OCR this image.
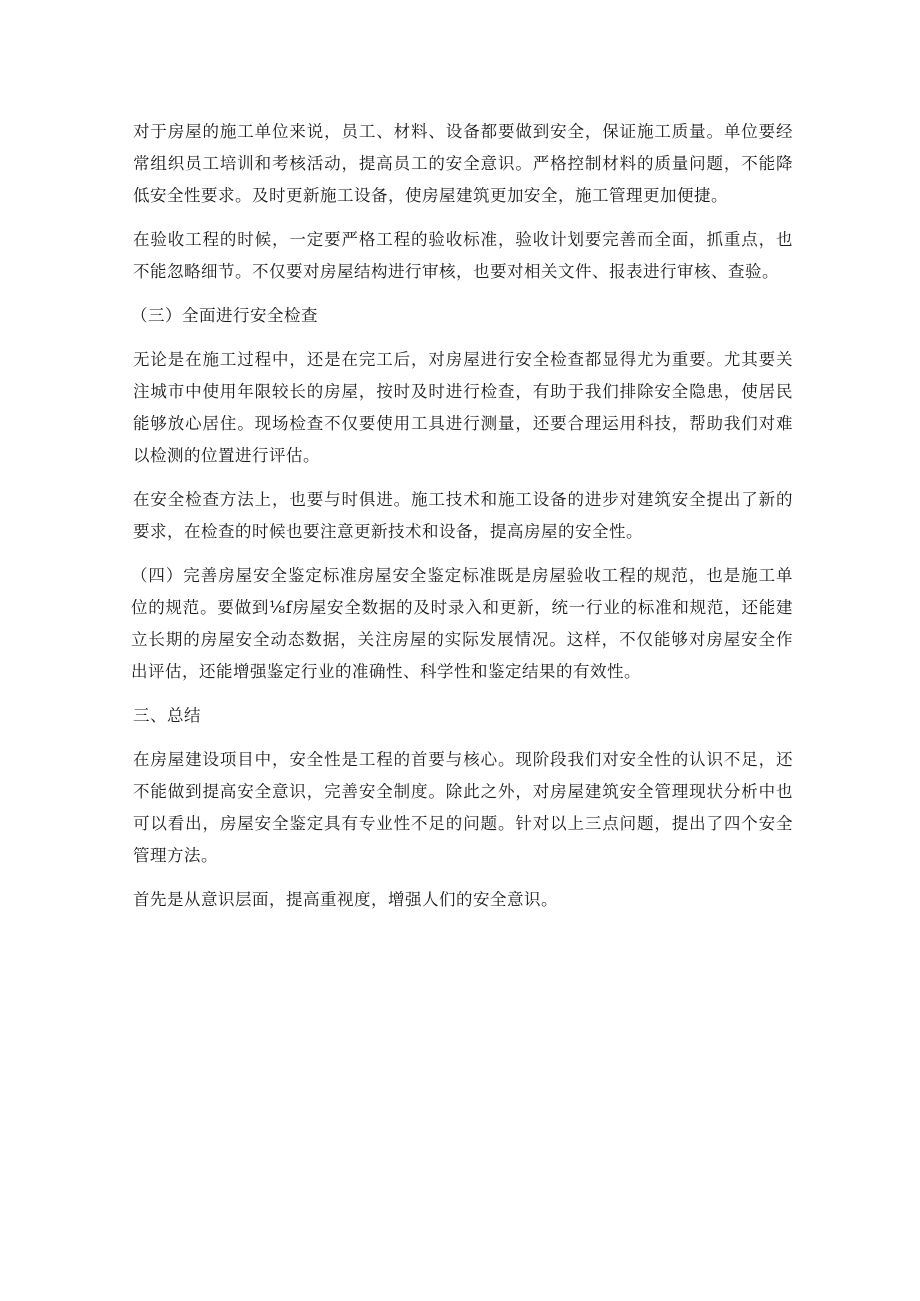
对于房屋的施工单位来说，员工、材料、设备都要做到安全，保证施工质量。单位要经常组织员工培训和考核活动，提高员工的安全意识。严格控制材料的质量问题，不能降低安全性要求。及时更新施工设备，使房屋建筑更加安全，施工管理更加便捷。

在验收工程的时候，一定要严格工程的验收标准，验收计划要完善而全面，抓重点，也不能忽略细节。不仅要对房屋结构进行审核，也要对相关文件、报表进行审核、查验。

（三）全面进行安全检查

无论是在施工过程中，还是在完工后，对房屋进行安全检查都显得尤为重要。尤其要关注城市中使用年限较长的房屋，按时及时进行检查，有助于我们排除安全隐患，使居民能够放心居住。现场检查不仅要使用工具进行测量，还要合理运用科技，帮助我们对难以检测的位置进行评估。

在安全检查方法上，也要与时俱进。施工技术和施工设备的进步对建筑安全提出了新的要求，在检查的时候也要注意更新技术和设备，提高房屋的安全性。

（四）完善房屋安全鉴定标准房屋安全鉴定标准既是房屋验收工程的规范，也是施工单位的规范。要做到⅛f房屋安全数据的及时录入和更新，统一行业的标准和规范，还能建立长期的房屋安全动态数据，关注房屋的实际发展情况。这样，不仅能够对房屋安全作出评估，还能增强鉴定行业的准确性、科学性和鉴定结果的有效性。

三、总结

在房屋建设项目中，安全性是工程的首要与核心。现阶段我们对安全性的认识不足，还不能做到提高安全意识，完善安全制度。除此之外，对房屋建筑安全管理现状分析中也可以看出，房屋安全鉴定具有专业性不足的问题。针对以上三点问题，提出了四个安全管理方法。

首先是从意识层面，提高重视度，增强人们的安全意识。
